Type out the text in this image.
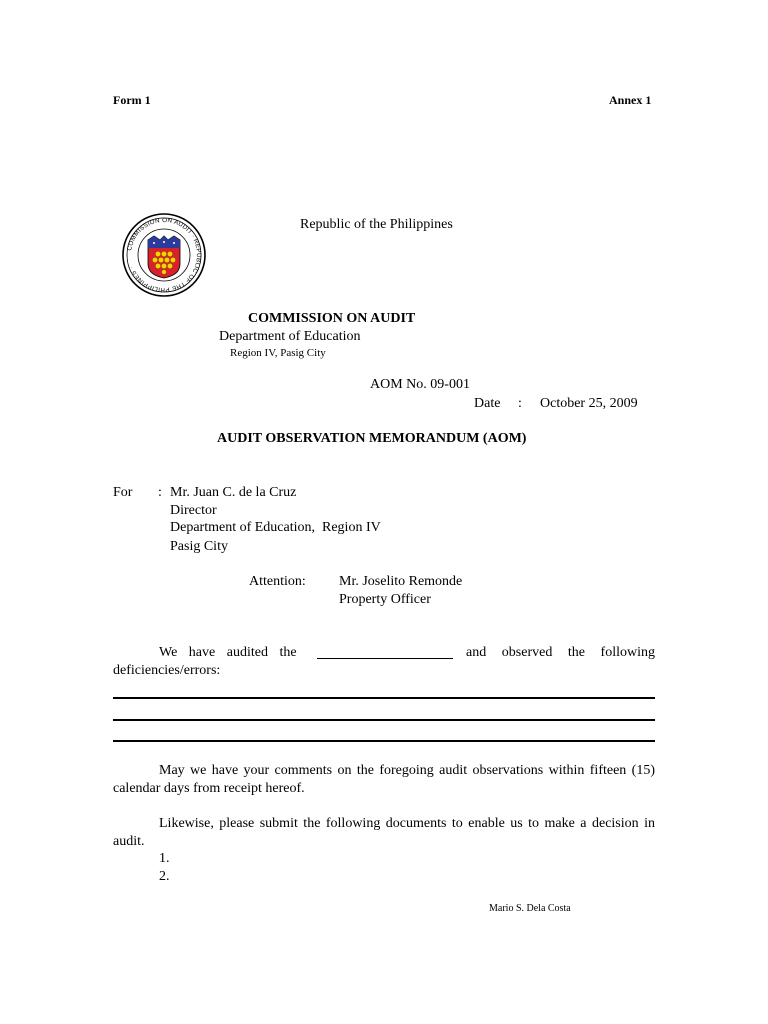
Form 1	Annex 1
COMMISSION ON AUDIT · REPUBLIC OF THE PHILIPPINES ·
Republic of the Philippines
COMMISSION ON AUDIT
Department of Education
Region IV, Pasig City
AOM No. 09-001
Date : October 25, 2009
AUDIT OBSERVATION MEMORANDUM (AOM)
For : Mr. Juan C. de la Cruz
Director
Department of Education,  Region IV
Pasig City
Attention: Mr. Joselito Remonde
Property Officer
We have audited the	and observed the following
deficiencies/errors:
May we have your comments on the foregoing audit observations within fifteen (15) calendar days from receipt hereof.
Likewise, please submit the following documents to enable us to make a decision in audit.
1.
2.
Mario S. Dela Costa
